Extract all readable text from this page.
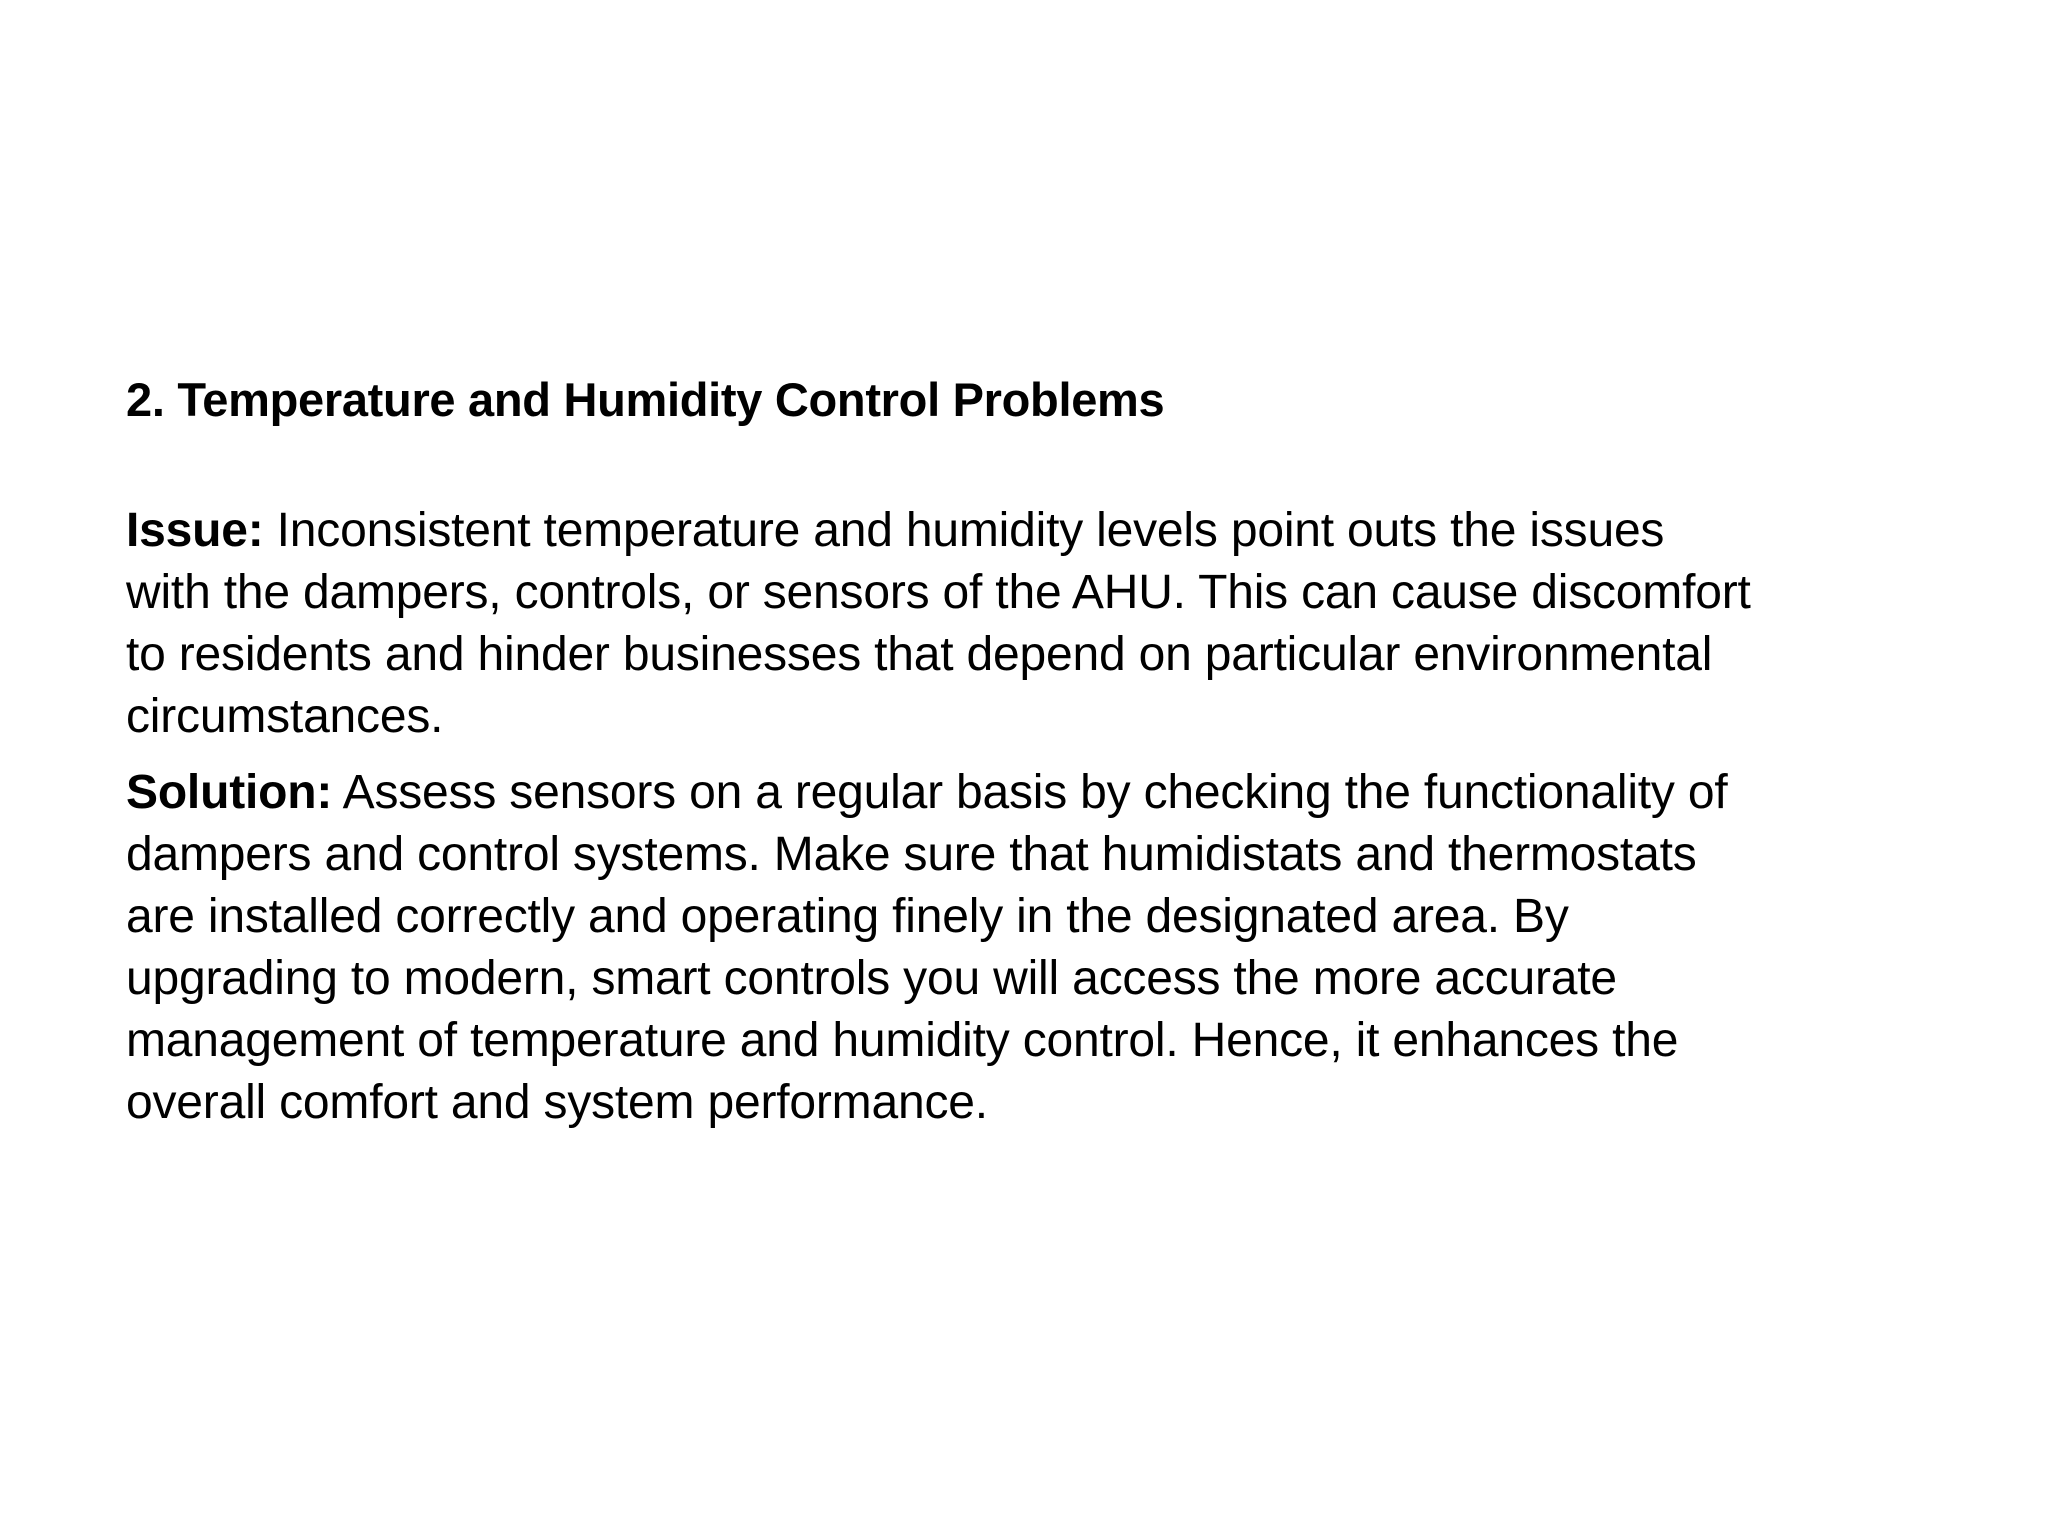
2. Temperature and Humidity Control Problems

Issue: Inconsistent temperature and humidity levels point outs the issues
with the dampers, controls, or sensors of the AHU. This can cause discomfort
to residents and hinder businesses that depend on particular environmental
circumstances.

Solution: Assess sensors on a regular basis by checking the functionality of
dampers and control systems. Make sure that humidistats and thermostats
are installed correctly and operating finely in the designated area. By
upgrading to modern, smart controls you will access the more accurate
management of temperature and humidity control. Hence, it enhances the
overall comfort and system performance.
